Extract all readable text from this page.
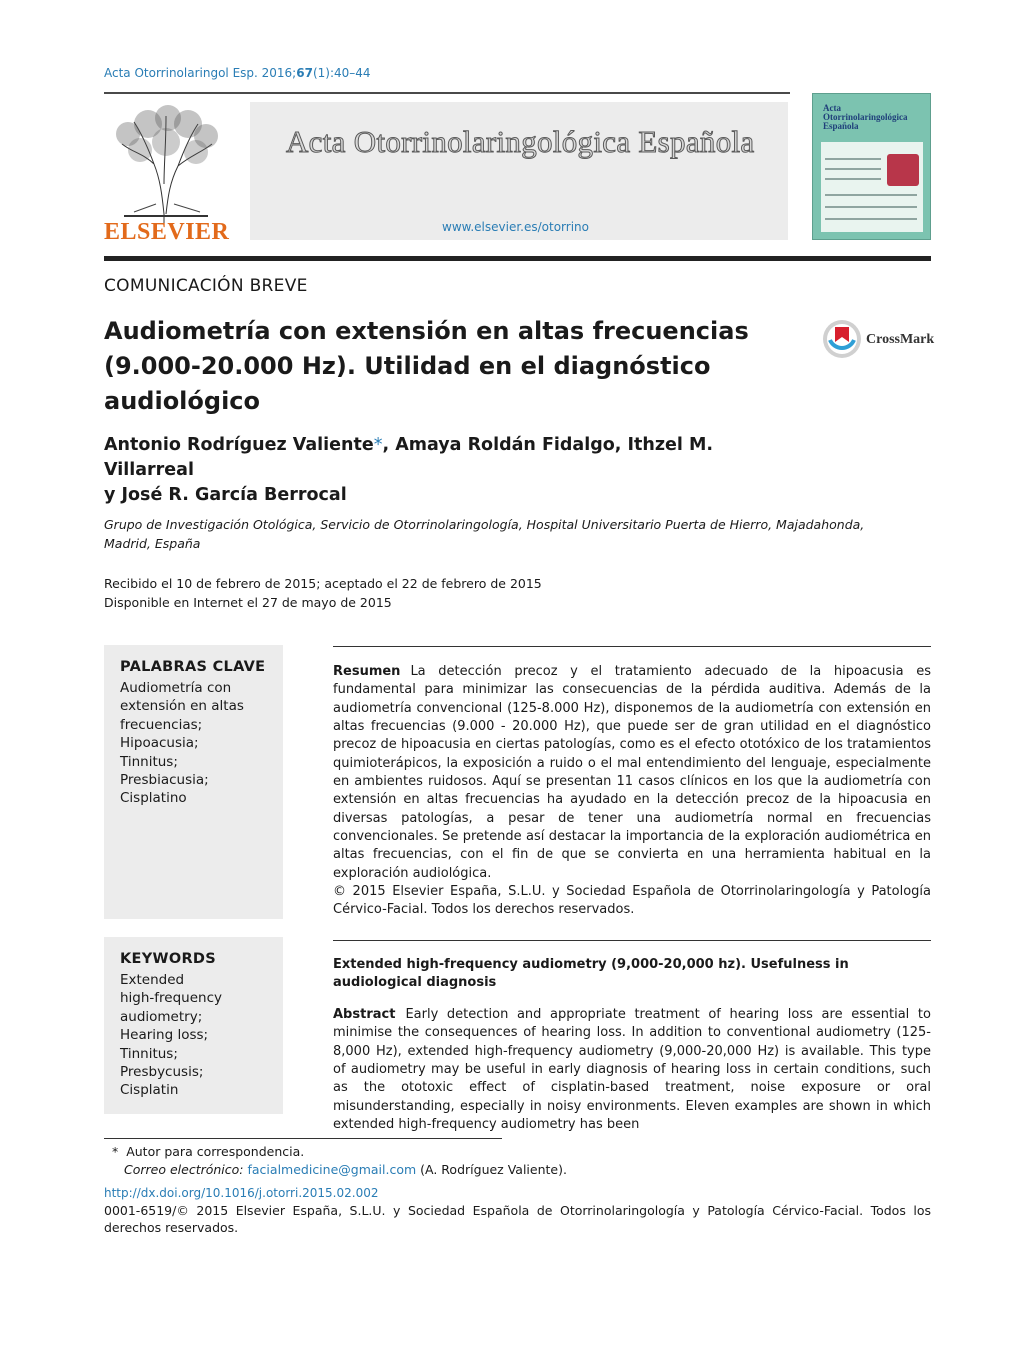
Acta Otorrinolaringol Esp. 2016;67(1):40–44
ELSEVIER
Acta Otorrinolaringológica Española
www.elsevier.es/otorrino
Acta Otorrinolaringológica Española
COMUNICACIÓN BREVE
Audiometría con extensión en altas frecuencias (9.000-20.000 Hz). Utilidad en el diagnóstico audiológico
CrossMark
Antonio Rodríguez Valiente*, Amaya Roldán Fidalgo, Ithzel M. Villarreal
y José R. García Berrocal
Grupo de Investigación Otológica, Servicio de Otorrinolaringología, Hospital Universitario Puerta de Hierro, Majadahonda, Madrid, España
Recibido el 10 de febrero de 2015; aceptado el 22 de febrero de 2015
Disponible en Internet el 27 de mayo de 2015
PALABRAS CLAVE
Audiometría con
extensión en altas
frecuencias;
Hipoacusia;
Tinnitus;
Presbiacusia;
Cisplatino
Resumen La detección precoz y el tratamiento adecuado de la hipoacusia es fundamental para minimizar las consecuencias de la pérdida auditiva. Además de la audiometría convencional (125-8.000 Hz), disponemos de la audiometría con extensión en altas frecuencias (9.000 - 20.000 Hz), que puede ser de gran utilidad en el diagnóstico precoz de hipoacusia en ciertas patologías, como es el efecto ototóxico de los tratamientos quimioterápicos, la exposición a ruido o el mal entendimiento del lenguaje, especialmente en ambientes ruidosos. Aquí se presentan 11 casos clínicos en los que la audiometría con extensión en altas frecuencias ha ayudado en la detección precoz de la hipoacusia en diversas patologías, a pesar de tener una audiometría normal en frecuencias convencionales. Se pretende así destacar la importancia de la exploración audiométrica en altas frecuencias, con el fin de que se convierta en una herramienta habitual en la exploración audiológica.
© 2015 Elsevier España, S.L.U. y Sociedad Española de Otorrinolaringología y Patología Cérvico-Facial. Todos los derechos reservados.
KEYWORDS
Extended
high-frequency
audiometry;
Hearing loss;
Tinnitus;
Presbycusis;
Cisplatin
Extended high-frequency audiometry (9,000-20,000 hz). Usefulness in audiological diagnosis
Abstract Early detection and appropriate treatment of hearing loss are essential to minimise the consequences of hearing loss. In addition to conventional audiometry (125-8,000 Hz), extended high-frequency audiometry (9,000-20,000 Hz) is available. This type of audiometry may be useful in early diagnosis of hearing loss in certain conditions, such as the ototoxic effect of cisplatin-based treatment, noise exposure or oral misunderstanding, especially in noisy environments. Eleven examples are shown in which extended high-frequency audiometry has been
* Autor para correspondencia.
Correo electrónico: facialmedicine@gmail.com (A. Rodríguez Valiente).
http://dx.doi.org/10.1016/j.otorri.2015.02.002
0001-6519/© 2015 Elsevier España, S.L.U. y Sociedad Española de Otorrinolaringología y Patología Cérvico-Facial. Todos los derechos reservados.
